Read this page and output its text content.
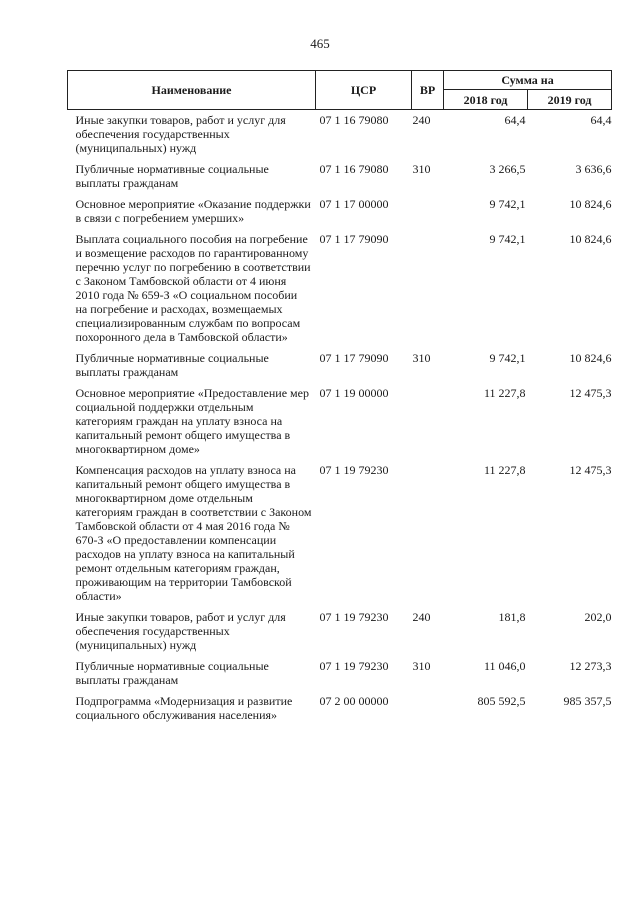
465
Наименование	ЦСР	ВР	Сумма на	
			2018 год	2019 год
Иные закупки товаров, работ и услуг для обеспечения государственных (муниципальных) нужд	07 1 16 79080	240	64,4	64,4
Публичные нормативные социальные выплаты гражданам	07 1 16 79080	310	3 266,5	3 636,6
Основное мероприятие «Оказание поддержки в связи с погребением умерших»	07 1 17 00000		9 742,1	10 824,6
Выплата социального пособия на погребение и возмещение расходов по гарантированному перечню услуг по погребению в соответствии с Законом Тамбовской области от 4 июня 2010 года № 659-З «О социальном пособии на погребение и расходах, возмещаемых специализированным службам по вопросам похоронного дела в Тамбовской области»	07 1 17 79090		9 742,1	10 824,6
Публичные нормативные социальные выплаты гражданам	07 1 17 79090	310	9 742,1	10 824,6
Основное мероприятие «Предоставление мер социальной поддержки отдельным категориям граждан на уплату взноса на капитальный ремонт общего имущества в многоквартирном доме»	07 1 19 00000		11 227,8	12 475,3
Компенсация расходов на уплату взноса на капитальный ремонт общего имущества в многоквартирном доме отдельным категориям граждан в соответствии с Законом Тамбовской области от 4 мая 2016 года № 670-З «О предоставлении компенсации расходов на уплату взноса на капитальный ремонт отдельным категориям граждан, проживающим на территории Тамбовской области»	07 1 19 79230		11 227,8	12 475,3
Иные закупки товаров, работ и услуг для обеспечения государственных (муниципальных) нужд	07 1 19 79230	240	181,8	202,0
Публичные нормативные социальные выплаты гражданам	07 1 19 79230	310	11 046,0	12 273,3
Подпрограмма «Модернизация и развитие социального обслуживания населения»	07 2 00 00000		805 592,5	985 357,5
